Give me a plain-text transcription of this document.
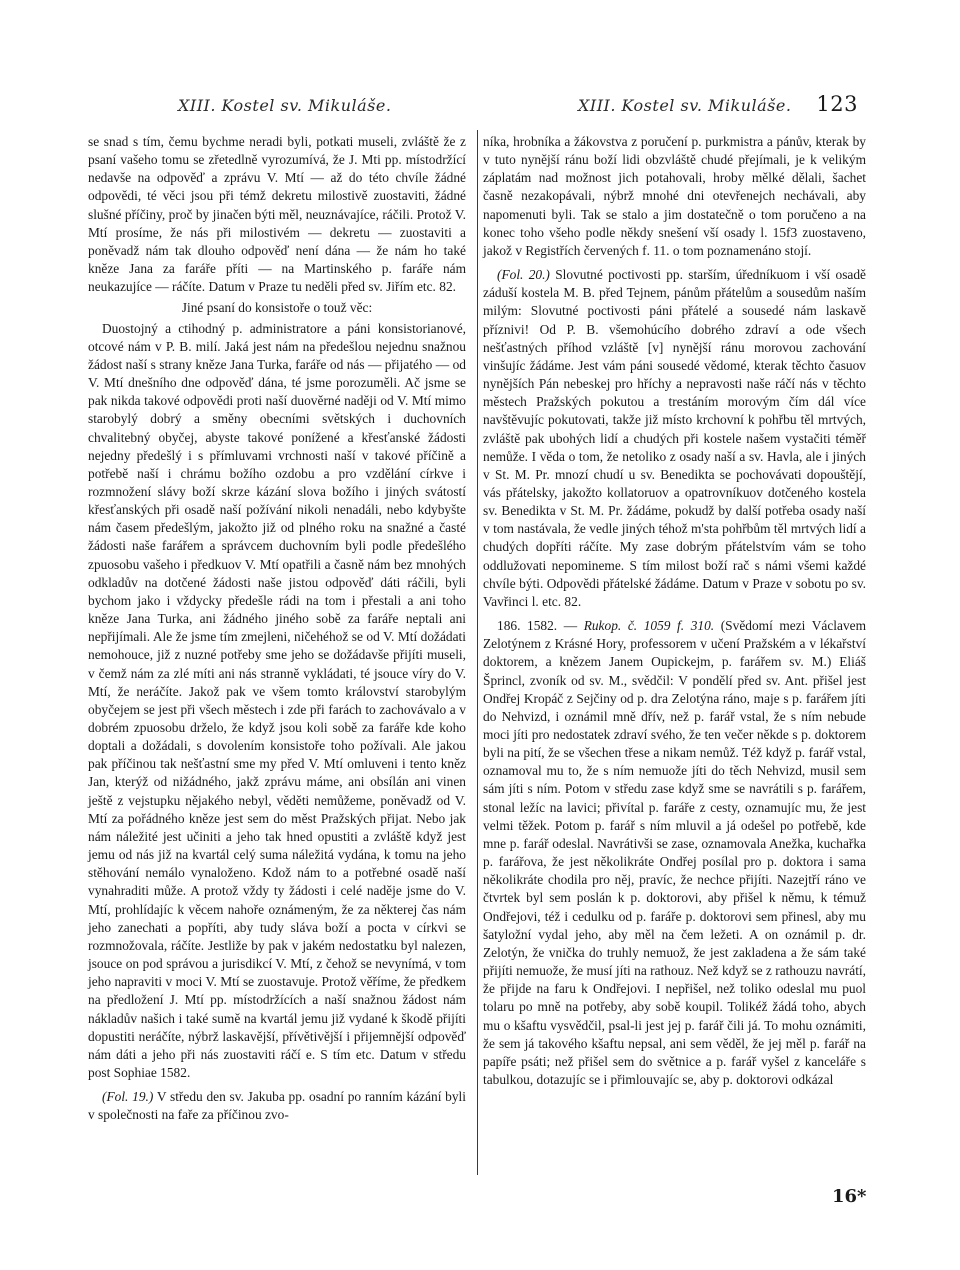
XIII. Kostel sv. Mikuláše.	XIII. Kostel sv. Mikuláše. 123

se snad s tím, čemu bychme neradi byli, potkati museli, zvláště že z psaní vašeho tomu se zřetedlně vyrozumívá, že J. Mti pp. místodržící nedavše na odpověď a zprávu V. Mtí — až do této chvíle žádné odpovědi, té věci jsou při témž dekretu milostivě zuostaviti, žádné slušné příčiny, proč by jinačen býti měl, neuznávajíce, ráčili. Protož V. Mtí prosíme, že nás při milostivém — dekretu — zuostaviti a poněvadž nám tak dlouho odpověď není dána — že nám ho také kněze Jana za faráře příti — na Martinského p. faráře nám neukazujíce — ráčíte. Datum v Praze tu neděli před sv. Jiřím etc. 82.

Jiné psaní do konsistoře o touž věc:

Duostojný a ctihodný p. administratore a páni konsistorianové, otcové nám v P. B. milí. Jaká jest nám na předešlou nejednu snažnou žádost naší s strany kněze Jana Turka, faráře od nás — přijatého — od V. Mtí dnešního dne odpověď dána, té jsme porozuměli. Ač jsme se pak nikda takové odpovědi proti naší duověrné naději od V. Mtí mimo starobylý dobrý a směny obecními světských i duchovních chvalitebný obyčej, abyste takové ponížené a křesťanské žádosti nejedny předešlý i s přímluvami vrchnosti naší v takové příčině a potřebě naší i chrámu božího ozdobu a pro vzdělání církve i rozmnožení slávy boží skrze kázání slova božího i jiných svátostí křesťanských při osadě naší požívání nikoli nenadáli, nebo kdybyšte nám časem předešlým, jakožto již od plného roku na snažné a časté žádosti naše farářem a správcem duchovním byli podle předešlého zpuosobu vašeho i předkuov V. Mtí opatřili a časně nám bez mnohých odkladův na dotčené žádosti naše jistou odpověď dáti ráčili, byli bychom jako i vždycky předešle rádi na tom i přestali a ani toho kněze Jana Turka, ani žádného jiného sobě za faráře neptali ani nepřijímali. Ale že jsme tím zmejleni, ničehéhož se od V. Mtí dožádati nemohouce, již z nuzné potřeby sme jeho se dožádavše přijíti museli, v čemž nám za zlé míti ani nás stranně vykládati, té jsouce víry do V. Mtí, že neráčíte. Jakož pak ve všem tomto království starobylým obyčejem se jest při všech městech i zde při farách to zachovávalo a v dobrém zpuosobu drželo, že když jsou koli sobě za faráře kde koho doptali a dožádali, s dovolením konsistoře toho požívali. Ale jakou pak příčinou tak nešťastní sme my před V. Mtí omluveni i tento kněz Jan, kterýž od nižádného, jakž zprávu máme, ani obsílán ani vinen ještě z vejstupku nějakého nebyl, věděti nemůžeme, poněvadž od V. Mtí za pořádného kněze jest sem do měst Pražských přijat. Nebo jak nám náležité jest učiniti a jeho tak hned opustiti a zvláště když jest jemu od nás již na kvartál celý suma náležitá vydána, k tomu na jeho stěhování nemálo vynaloženo. Kdož nám to a potřebné osadě naší vynahraditi může. A protož vždy ty žádosti i celé naděje jsme do V. Mtí, prohlídajíc k věcem nahoře oznámeným, že za některej čas nám jeho zanechati a popříti, aby tudy sláva boží a pocta v církvi se rozmnožovala, ráčíte. Jestliže by pak v jakém nedostatku byl nalezen, jsouce on pod správou a jurisdikcí V. Mtí, z čehož se nevynímá, v tom jeho napraviti v moci V. Mtí se zuostavuje. Protož věříme, že předkem na předložení J. Mtí pp. místodržících a naší snažnou žádost nám nákladův našich i také sumě na kvartál jemu již vydané k škodě přijíti dopustiti neráčíte, nýbrž laskavější, přívětivější i přijemnější odpověď nám dáti a jeho při nás zuostaviti ráčí e. S tím etc. Datum v středu post Sophiae 1582.

(Fol. 19.) V středu den sv. Jakuba pp. osadní po ranním kázání byli v společnosti na faře za příčinou zvo-

níka, hrobníka a žákovstva z poručení p. purkmistra a pánův, kterak by v tuto nynější ránu boží lidi obzvláště chudé přejímali, je k velikým záplatám nad možnost jich potahovali, hroby mělké dělali, šachet časně nezakopávali, nýbrž mnohé dni otevřenejch nechávali, aby napomenuti byli. Tak se stalo a jim dostatečně o tom poručeno a na konec toho všeho podle někdy snešení vší osady l. 15f3 zuostaveno, jakož v Registřích červených f. 11. o tom poznamenáno stojí.

(Fol. 20.) Slovutné poctivosti pp. starším, úředníkuom i vší osadě záduší kostela M. B. před Tejnem, pánům přátelům a sousedům naším milým: Slovutné poctivosti páni přátelé a sousedé nám laskavě příznivi! Od P. B. všemohúcího dobrého zdraví a ode všech nešťastných příhod vzláště [v] nynější ránu morovou zachování vinšujíc žádáme. Jest vám páni sousedé vědomé, kterak těchto časuov nynějších Pán nebeskej pro hříchy a nepravosti naše ráčí nás v těchto městech Pražských pokutou a trestáním morovým čím dál více navštěvujíc pokutovati, takže již místo krchovní k pohřbu těl mrtvých, zvláště pak ubohých lidí a chudých při kostele našem vystačiti téměř nemůže. I věda o tom, že netoliko z osady naší a sv. Havla, ale i jiných v St. M. Pr. mnozí chudí u sv. Benedikta se pochovávati dopouštějí, vás přátelsky, jakožto kollatoruov a opatrovníkuov dotčeného kostela sv. Benedikta v St. M. Pr. žádáme, pokudž by další potřeba osady naší v tom nastávala, že vedle jiných téhož m'sta pohřbům těl mrtvých lidí a chudých dopříti ráčíte. My zase dobrým přátelstvím vám se toho oddlužovati nepomineme. S tím milost boží rač s námi všemi každé chvíle býti. Odpovědi přátelské žádáme. Datum v Praze v sobotu po sv. Vavřinci l. etc. 82.

186. 1582. — Rukop. č. 1059 f. 310. (Svědomí mezi Václavem Zelotýnem z Krásné Hory, professorem v učení Pražském a v lékařství doktorem, a knězem Janem Oupickejm, p. farářem sv. M.) Eliáš Šprincl, zvoník od sv. M., svědčil: V pondělí před sv. Ant. přišel jest Ondřej Kropáč z Sejčiny od p. dra Zelotýna ráno, maje s p. farářem jíti do Nehvizd, i oznámil mně dřív, než p. farář vstal, že s ním nebude moci jíti pro nedostatek zdraví svého, že ten večer někde s p. doktorem byli na pití, že se všechen třese a nikam nemůž. Též když p. farář vstal, oznamoval mu to, že s ním nemuože jíti do těch Nehvizd, musil sem sám jíti s ním. Potom v středu zase když sme se navrátili s p. farářem, stonal ležíc na lavici; přivítal p. faráře z cesty, oznamujíc mu, že jest velmi těžek. Potom p. farář s ním mluvil a já odešel po potřebě, kde mne p. farář odeslal. Navrátivši se zase, oznamovala Anežka, kuchařka p. farářova, že jest několikráte Ondřej posílal pro p. doktora i sama několikráte chodila pro něj, pravíc, že nechce přijíti. Nazejtří ráno ve čtvrtek byl sem poslán k p. doktorovi, aby přišel k němu, k témuž Ondřejovi, též i cedulku od p. faráře p. doktorovi sem přinesl, aby mu šatyložní vydal jeho, aby měl na čem ležeti. A on oznámil p. dr. Zelotýn, že vnička do truhly nemuož, že jest zakladena a že sám také přijíti nemuože, že musí jíti na rathouz. Než když se z rathouzu navrátí, že přijde na faru k Ondřejovi. I nepřišel, než toliko odeslal mu puol tolaru po mně na potřeby, aby sobě koupil. Tolikéž žádá toho, abych mu o kšaftu vysvědčil, psal-li jest jej p. farář čili já. To mohu oznámiti, že sem já takového kšaftu nepsal, ani sem věděl, že jej měl p. farář na papíře psáti; než přišel sem do světnice a p. farář vyšel z kanceláře s tabulkou, dotazujíc se i přimlouvajíc se, aby p. doktorovi odkázal

16*
